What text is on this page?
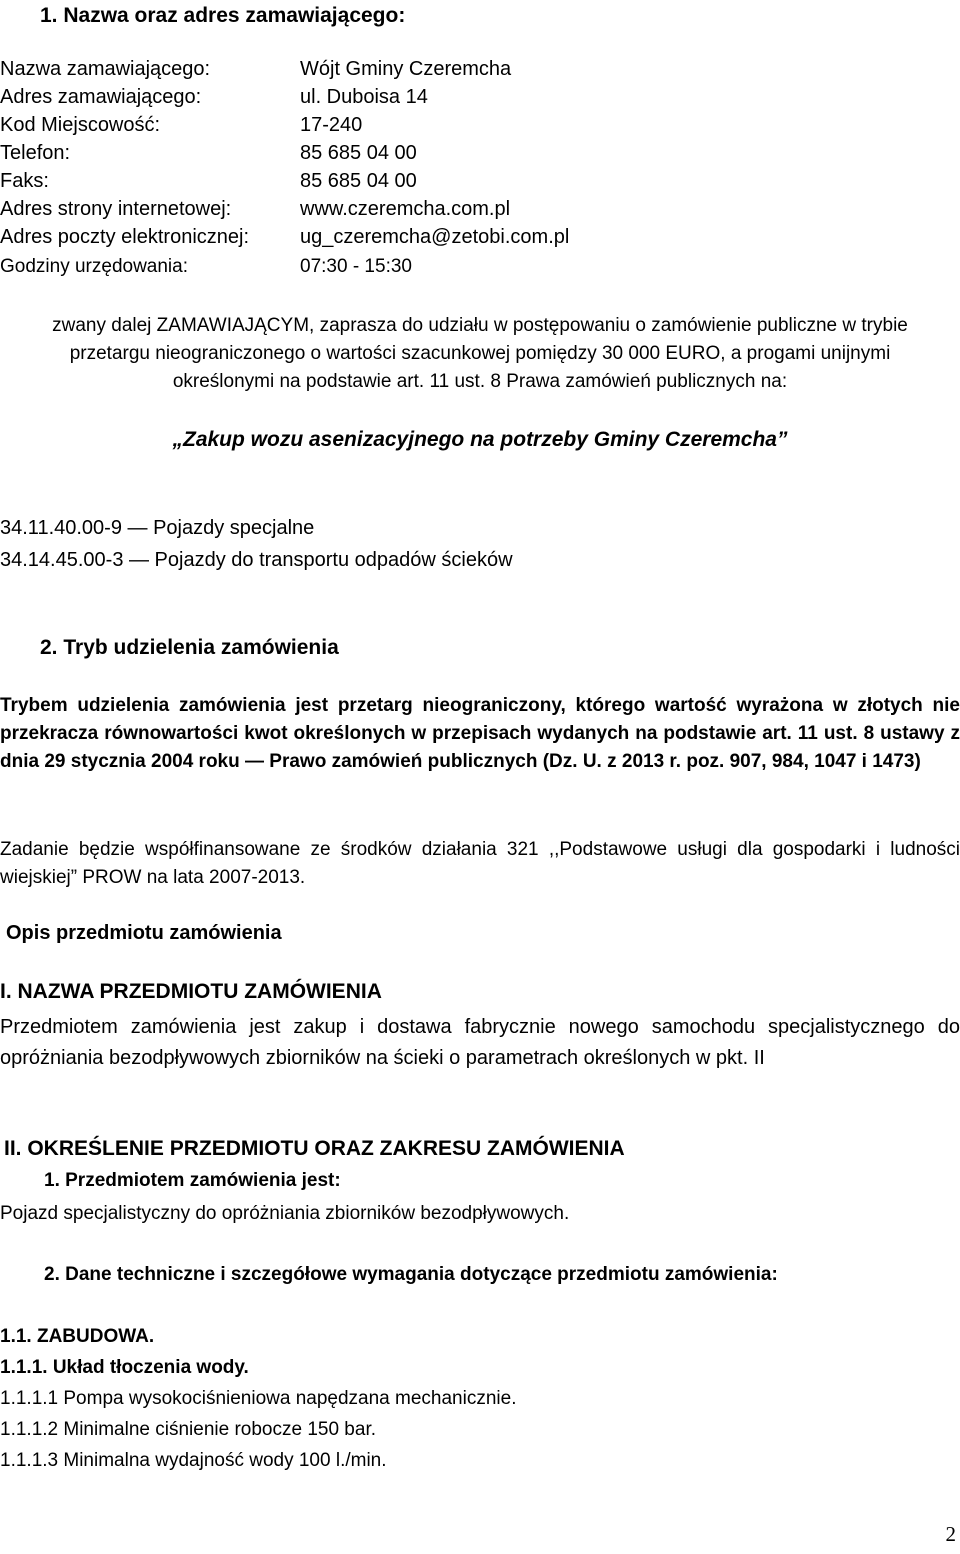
1. Nazwa oraz adres zamawiającego:
Nazwa zamawiającego:	Wójt Gminy Czeremcha
Adres zamawiającego:	ul. Duboisa 14
Kod Miejscowość:	17-240
Telefon:	85 685 04 00
Faks:	85 685 04 00
Adres strony internetowej:	www.czeremcha.com.pl
Adres poczty elektronicznej:	ug_czeremcha@zetobi.com.pl
Godziny urzędowania:	07:30 - 15:30
zwany dalej ZAMAWIAJĄCYM, zaprasza do udziału w postępowaniu o zamówienie publiczne w trybie
przetargu nieograniczonego o wartości szacunkowej pomiędzy 30 000 EURO, a progami unijnymi
określonymi na podstawie art. 11 ust. 8 Prawa zamówień publicznych na:
„Zakup wozu asenizacyjnego na potrzeby Gminy Czeremcha”
34.11.40.00-9 — Pojazdy specjalne
34.14.45.00-3 — Pojazdy do transportu odpadów ścieków
2. Tryb udzielenia zamówienia
Trybem udzielenia zamówienia jest przetarg nieograniczony, którego wartość wyrażona w złotych nie przekracza równowartości kwot określonych w przepisach wydanych na podstawie art. 11 ust. 8 ustawy z dnia 29 stycznia 2004 roku — Prawo zamówień publicznych (Dz. U. z 2013 r. poz. 907, 984, 1047 i 1473)
Zadanie będzie współfinansowane ze środków działania 321 ,,Podstawowe usługi dla gospodarki i ludności wiejskiej” PROW na lata 2007-2013.
Opis przedmiotu zamówienia
I. NAZWA PRZEDMIOTU ZAMÓWIENIA
Przedmiotem zamówienia jest zakup i dostawa fabrycznie nowego samochodu specjalistycznego do opróżniania bezodpływowych zbiorników na ścieki o parametrach określonych w pkt. II
II. OKREŚLENIE PRZEDMIOTU ORAZ ZAKRESU ZAMÓWIENIA
1. Przedmiotem zamówienia jest:
Pojazd specjalistyczny do opróżniania zbiorników bezodpływowych.
2. Dane techniczne i szczegółowe wymagania dotyczące przedmiotu zamówienia:
1.1. ZABUDOWA.
1.1.1. Układ tłoczenia wody.
1.1.1.1 Pompa wysokociśnieniowa napędzana mechanicznie.
1.1.1.2 Minimalne ciśnienie robocze 150 bar.
1.1.1.3 Minimalna wydajność wody 100 l./min.
2
